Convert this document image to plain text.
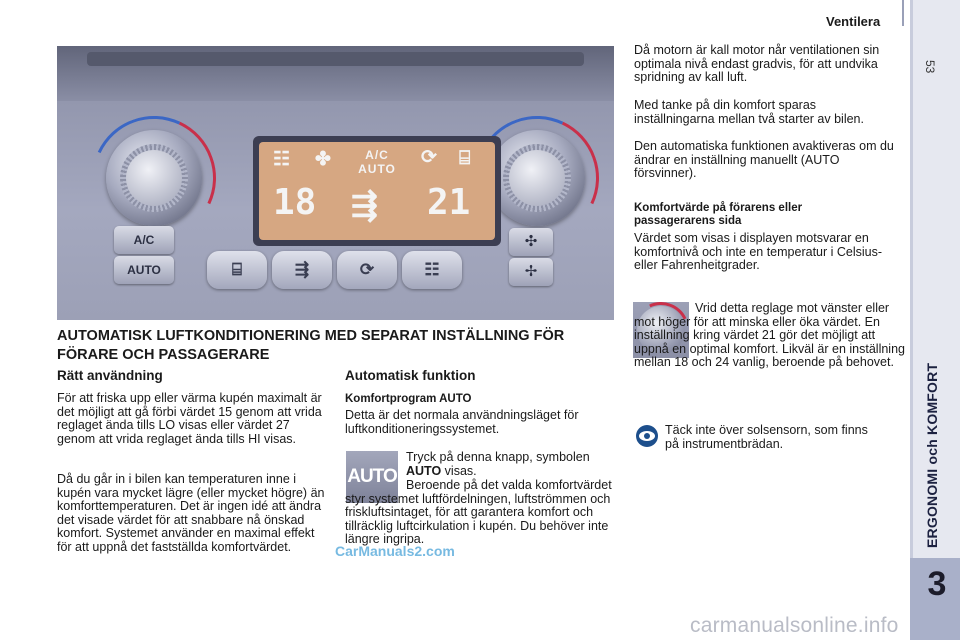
Ventilera
53
ERGONOMI och KOMFORT
3
☷ ✤	A/C
AUTO
⟳ ⌸
18 ⇶ 21
A/C
AUTO
✣
✢
⌸	⇶	⟳	☷
AUTOMATISK LUFTKONDITIONERING MED SEPARAT INSTÄLLNING FÖR FÖRARE OCH PASSAGERARE
Rätt användning
För att friska upp eller värma kupén maximalt är det möjligt att gå förbi värdet 15 genom att vrida reglaget ända tills LO visas eller värdet 27 genom att vrida reglaget ända tills HI visas.
Då du går in i bilen kan temperaturen inne i kupén vara mycket lägre (eller mycket högre) än komforttemperaturen. Det är ingen idé att ändra det visade värdet för att snabbare nå önskad komfort. Systemet använder en maximal effekt för att uppnå det fastställda komfortvärdet.
Automatisk funktion
Komfortprogram AUTO
Detta är det normala användningsläget för luftkonditioneringssystemet.
AUTO
Tryck på denna knapp, symbolen AUTO visas.
Beroende på det valda komfortvärdet styr systemet luftfördelningen, luftströmmen och friskluftsintaget, för att garantera komfort och tillräcklig luftcirkulation i kupén. Du behöver inte längre ingripa.
CarManuals2.com
Då motorn är kall motor når ventilationen sin optimala nivå endast gradvis, för att undvika spridning av kall luft.
Med tanke på din komfort sparas inställningarna mellan två starter av bilen.
Den automatiska funktionen avaktiveras om du ändrar en inställning manuellt (AUTO försvinner).
Komfortvärde på förarens eller passagerarens sida
Värdet som visas i displayen motsvarar en komfortnivå och inte en temperatur i Celsius- eller Fahrenheitgrader.
Vrid detta reglage mot vänster eller mot höger för att minska eller öka värdet. En inställning kring värdet 21 gör det möjligt att uppnå en optimal komfort. Likväl är en inställning mellan 18 och 24 vanlig, beroende på behovet.
Täck inte över solsensorn, som finns på instrumentbrädan.
carmanualsonline.info
